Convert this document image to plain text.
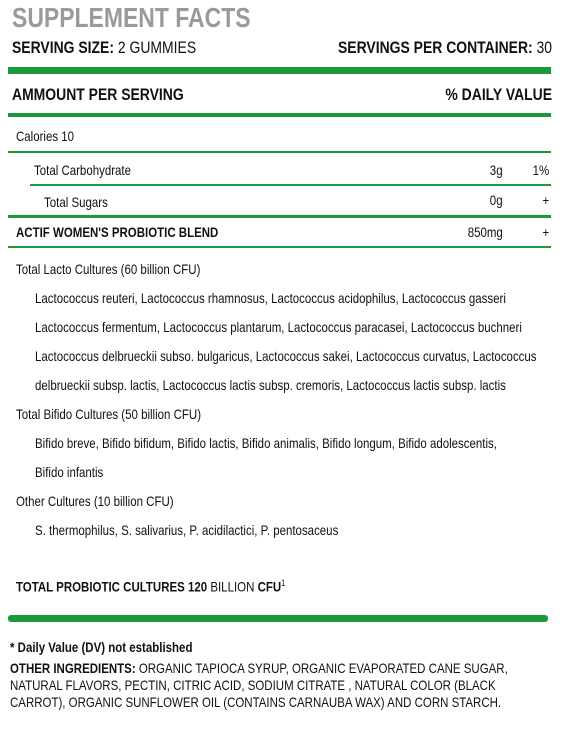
SUPPLEMENT FACTS
SERVING SIZE: 2 GUMMIES	SERVINGS PER CONTAINER: 30
AMMOUNT PER SERVING	% DAILY VALUE
Calories 10
Total Carbohydrate	3g 1%
Total Sugars	0g	+
ACTIF WOMEN'S PROBIOTIC BLEND	850mg	+
Total Lacto Cultures (60 billion CFU)
Lactococcus reuteri, Lactococcus rhamnosus, Lactococcus acidophilus, Lactococcus gasseri
Lactococcus fermentum, Lactococcus plantarum, Lactococcus paracasei, Lactococcus buchneri
Lactococcus delbrueckii subso. bulgaricus, Lactococcus sakei, Lactococcus curvatus, Lactococcus
delbrueckii subsp. lactis, Lactococcus lactis subsp. cremoris, Lactococcus lactis subsp. lactis
Total Bifido Cultures (50 billion CFU)
Bifido breve, Bifido bifidum, Bifido lactis, Bifido animalis, Bifido longum, Bifido adolescentis,
Bifido infantis
Other Cultures (10 billion CFU)
S. thermophilus, S. salivarius, P. acidilactici, P. pentosaceus
TOTAL PROBIOTIC CULTURES 120 BILLION CFU$^1$
* Daily Value (DV) not established
OTHER INGREDIENTS: ORGANIC TAPIOCA SYRUP, ORGANIC EVAPORATED CANE SUGAR, NATURAL FLAVORS, PECTIN, CITRIC ACID, SODIUM CITRATE , NATURAL COLOR (BLACK CARROT), ORGANIC SUNFLOWER OIL (CONTAINS CARNAUBA WAX) AND CORN STARCH.
